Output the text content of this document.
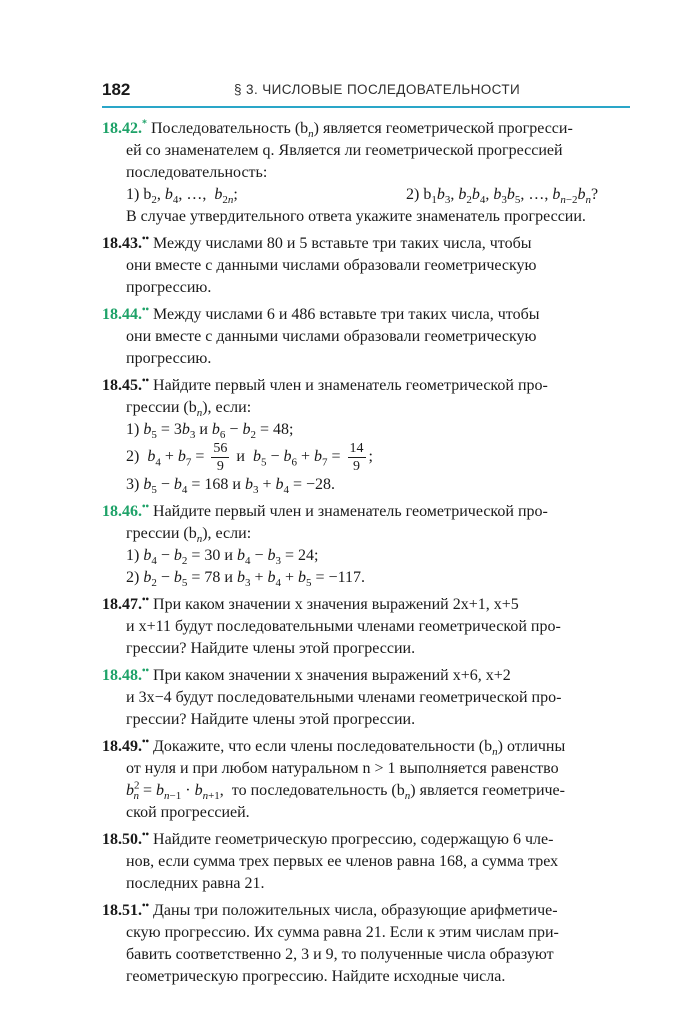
182	§ 3. ЧИСЛОВЫЕ ПОСЛЕДОВАТЕЛЬНОСТИ
18.42.* Последовательность $(b_n)$ является геометрической прогресси-
ей со знаменателем q. Является ли геометрической прогрессией
последовательность:
1) $b_2$, $b_4$, …,  $b_{2n}$;	2) $b_1b_3$, $b_2b_4$, $b_3b_5$, …, $b_{n-2}b_n$?
В случае утвердительного ответа укажите знаменатель прогрессии.
18.43.•• Между числами 80 и 5 вставьте три таких числа, чтобы
они вместе с данными числами образовали геометрическую
прогрессию.
18.44.•• Между числами 6 и 486 вставьте три таких числа, чтобы
они вместе с данными числами образовали геометрическую
прогрессию.
18.45.•• Найдите первый член и знаменатель геометрической про-
грессии $(b_n)$, если:
1) $b_5 = 3b_3$ и $b_6 - b_2 = 48$;
2)  $b_4 + b_7 = \frac{56}{9}$ и  $b_5 - b_6 + b_7 = \frac{14}{9}$ ;
3) $b_5 - b_4 = 168$ и $b_3 + b_4 = -28$.
18.46.•• Найдите первый член и знаменатель геометрической про-
грессии $(b_n)$, если:
1) $b_4 - b_2 = 30$ и $b_4 - b_3 = 24$;
2) $b_2 - b_5 = 78$ и $b_3 + b_4 + b_5 = -117$.
18.47.•• При каком значении x значения выражений 2x+1, x+5
и x+11 будут последовательными членами геометрической про-
грессии? Найдите члены этой прогрессии.
18.48.•• При каком значении x значения выражений x+6, x+2
и 3x−4 будут последовательными членами геометрической про-
грессии? Найдите члены этой прогрессии.
18.49.•• Докажите, что если члены последовательности $(b_n)$ отличны
от нуля и при любом натуральном n > 1 выполняется равенство
$b^2_n = b_{n-1} \cdot b_{n+1}$,  то последовательность $(b_n)$ является геометриче-
ской прогрессией.
18.50.•• Найдите геометрическую прогрессию, содержащую 6 чле-
нов, если сумма трех первых ее членов равна 168, а сумма трех
последних равна 21.
18.51.•• Даны три положительных числа, образующие арифметиче-
скую прогрессию. Их сумма равна 21. Если к этим числам при-
бавить соответственно 2, 3 и 9, то полученные числа образуют
геометрическую прогрессию. Найдите исходные числа.
